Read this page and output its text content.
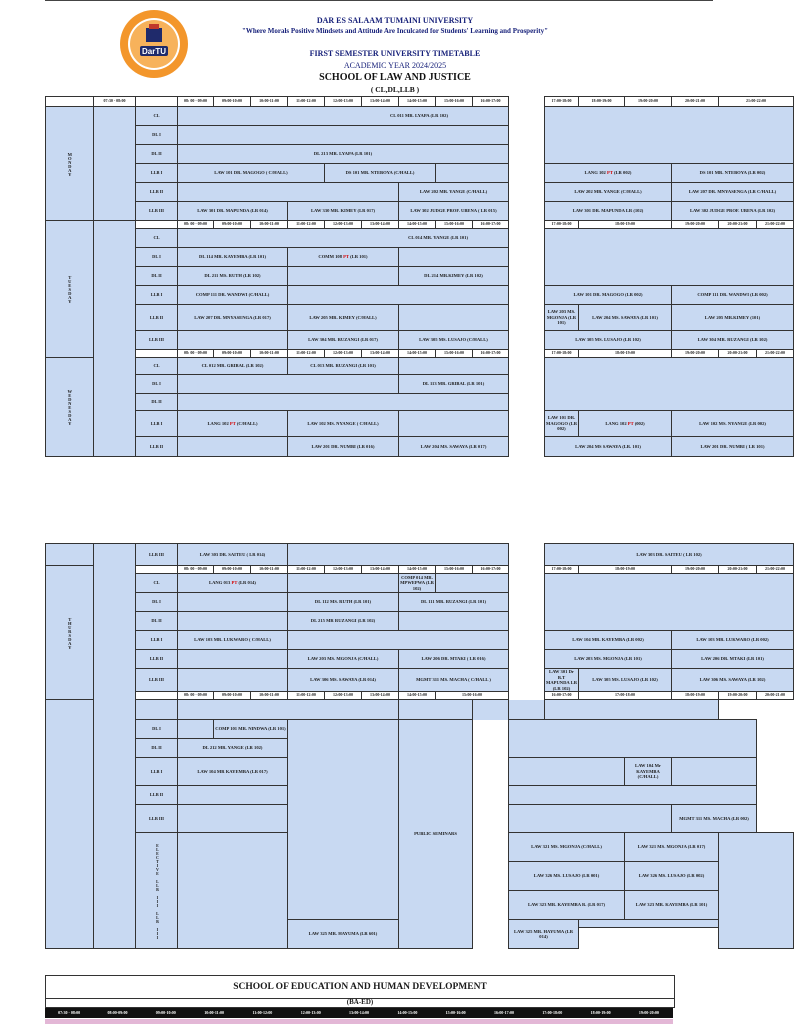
DarTU
DAR ES SALAAM TUMAINI UNIVERSITY
"Where Morals Positive Mindsets and Attitude Are Inculcated for Students' Learning and Prosperity"
FIRST SEMESTER UNIVERSITY TIMETABLE
ACADEMIC YEAR 2024/2025
SCHOOL OF LAW AND JUSTICE
( CL,DL,LLB )
	07:30 - 08:00		08: 00 - 09:00	09:00-10:00	10:00-11:00	11:00-12:00	12:00-13:00	13:00-14:00	14:00-15:00	15:00-16:00	16:00-17:00		17:00-18:00	18:00-19:00	19:00-20:00	20:00-21:00	21:00-22:00	
MONDAY		CL	CL 011 MR. LYAPA (LR 102)															
		DL I																
		DL II	DL 213 MR. LYAPA (LR 101)															
		LLB I	LAW 101 DR. MAGOGO ( C/HALL)				DS 101 MR. NTEBOYA (C/HALL)						LANG 102 PT (LR 002)			DS 101 MR. NTEBOYA (LR 002)		
		LLB II							LAW 202 MR. YANGE (C/HALL)				LAW 202 MR. YANGE (C/HALL)			LAW 207 DR. MNYASENGA (LR C/HALL)		
		LLB III	LAW 301 DR. MAPUNDA (LR 014)			LAW 330 MR. KIMEY (LR 017)			LAW 302 JUDGE PROF. UBENA ( LR 015)				LAW 301 DR. MAPUNDA LR (102)			LAW 302 JUDGE PROF. UBENA (LR 102)		
TUESDAY			08: 00 - 09:00	09:00-10:00	10:00-11:00	11:00-12:00	12:00-13:00	13:00-14:00	14:00-15:00	15:00-16:00	16:00-17:00		17:00-18:00	18:00-19:00		19:00-20:00	20:00-21:00	21:00-22:00
		CL	CL 014 MR. YANGE (LR 101)															
		DL I	DL 114 MR. KAYEMBA (LR 101)			COMM 108 PT (LR 101)												
		DL II	DL 211 MS. RUTH (LR 102)						DL 214 MR.KIMEY (LR 102)									
		LLB I	COMP 111 DR. WANDWI (C/HALL)										LAW 101 DR. MAGOGO (LR 002)			COMP 111 DR. WANDWI (LR 002)		
		LLB II	LAW 207 DR. MNYASENGA (LR 017)			LAW 205 MR. KIMEY (C/HALL)							LAW 203 MS. MGONJA (LR 101)	LAW 204 MS. SAWAYA (LR 101)		LAW 205 MR.KIMEY (101)		
		LLB III				LAW 304 MR. RUZANGI (LR 017)			LAW 305 MS. LUSAJO (C/HALL)				LAW 305 MS. LUSAJO (LR 102)			LAW 304 MR. RUZANGI (LR 102)		
			08: 00 - 09:00	09:00-10:00	10:00-11:00	11:00-12:00	12:00-13:00	13:00-14:00	14:00-15:00	15:00-16:00	16:00-17:00		17:00-18:00	18:00-19:00		19:00-20:00	20:00-21:00	21:00-22:00
WEDNESDAY		CL	CL 012 MR. GRIBAL (LR 102)			CL 013 MR. RUZANGI (LR 101)												
		DL I							DL 113 MR. GRIBAL (LR 101)									
		DL II																
		LLB I	LANG 102 PT (C/HALL)			LAW 102 MS. NYANGE ( C/HALL)							LAW 101 DR. MAGOGO (LR 002)	LANG 102 PT (002)		LAW 102 MS. NYANGE (LR 002)		
		LLB II				LAW 201 DR. NUMBI (LR 016)			LAW 204 MS. SAWAYA (LR 017)				LAW 204 MS SAWAYA (LR. 101)			LAW 201 DR. NUMBI ( LR 101)		
		LLB III	LAW 303 DR. SAITEU ( LR 014)										LAW 303 DR. SAITEU ( LR 102)				
THURSDAY			08: 00 - 09:00	09:00-10:00	10:00-11:00	11:00-12:00	12:00-13:00	13:00-14:00	14:00-15:00	15:00-16:00	16:00-17:00		17:00-18:00	18:00-19:00	19:00-20:00	20:00-21:00	21:00-22:00
		CL	LANG 013 PT (LR 014)						COMP 014 MR. MPWEPWA (LR 102)								
		DL I				DL 112 MS. RUTH (LR 101)			DL 111 MR. RUZANGI (LR 101)								
		DL II				DL 215 MR RUZANGI (LR 102)											
		LLB I	LAW 103 MR. LUKWARO ( C/HALL)										LAW 104 MR. KAYEMBA (LR 002)		LAW 103 MR. LUKWARO (LR 002)		
		LLB II				LAW 203 MS. MGONJA (C/HALL)			LAW 206 DR. MTAKI ( LR 016)				LAW 203 MS. MGONJA (LR 101)		LAW 206 DR. MTAKI (LR 101)		
		LLB III				LAW 306 MS. SAWAYA (LR 014)			MGMT 311 MS. MACHA ( C/HALL )				LAW 301 Dr B.T MAPUNDA LR (LR 102)	LAW 305 MS. LUSAJO (LR 102)	LAW 306 MS. SAWAYA (LR 102)		
			08: 00 - 09:00	09:00-10:00	10:00-11:00	11:00-12:00	12:00-13:00	13:00-14:00	14:00-15:00	15:00-16:00			16:00-17:00	17:00-18:00	18:00-19:00	19:00-20:00	20:00-21:00

		DL I		COMP 101 MR. NINDWA (LR 101)		PUBLIC SEMINARS					
		DL II	DL 212 MR. YANGE (LR 102)								
		LLB I	LAW 104 MR KAYEMBA (LR 017)						LAW 104 Mr KAYEMBA (C/HALL)		
		LLB II									
		LLB III								MGMT 311 MS. MACHA (LR 002)	
		ELECTIVE LLB III LLB III						LAW 321 MS. MGONJA (C/HALL)	LAW 321 MS. MGONJA (LR 017)		
								LAW 326 MS. LUSAJO (LR 001)	LAW 326 MS. LUSAJO (LR 002)		
								LAW 323 MR. KAYEMBA R. (LR 017)	LAW 323 MR. KAYEMBA (LR 101)		
					LAW 325 MR. HAYUMA (LR 601)			LAW 325 MR. HAYUMA (LR 014)			
SCHOOL OF EDUCATION AND HUMAN DEVELOPMENT
(BA-ED)
07:30 - 08:00	08:00-09:00	09:00-10:00	10:00-11:00	11:00-12:00	12:00-13:00	13:00-14:00	14:00-15:00	15:00-16:00	16:00-17:00	17:00-18:00	18:00-19:00	19:00-20:00
